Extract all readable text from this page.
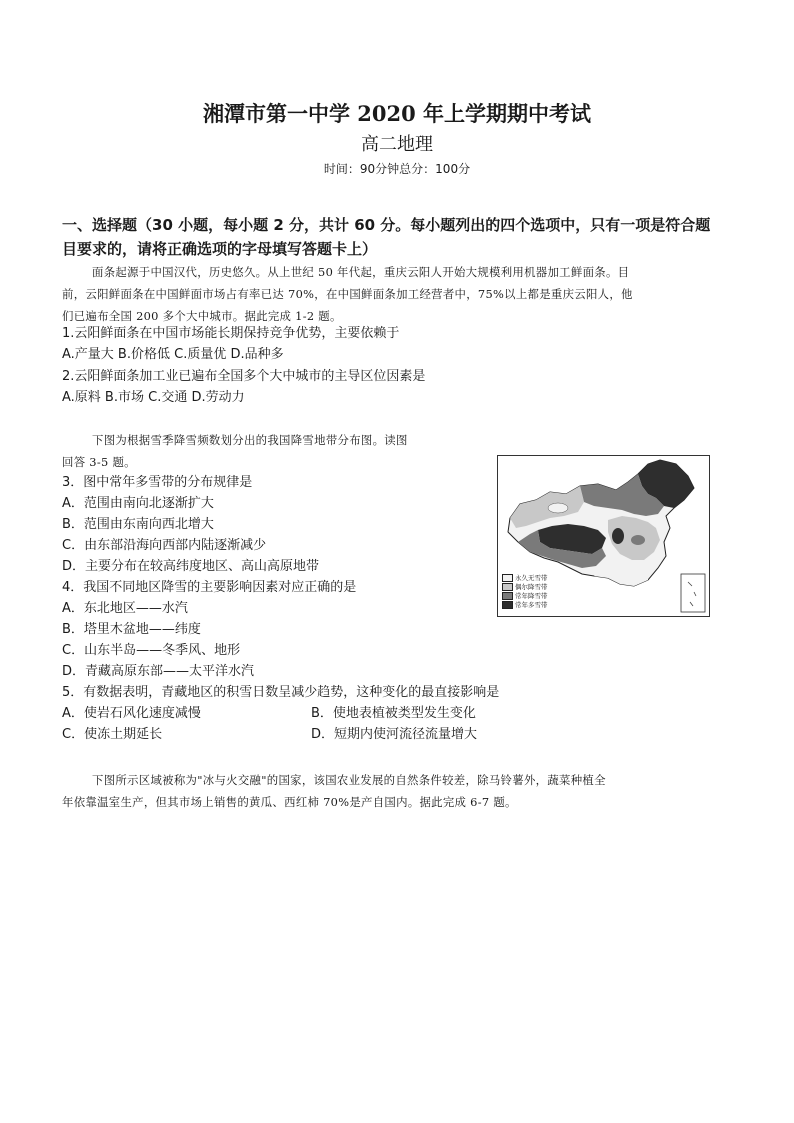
湘潭市第一中学 2020 年上学期期中考试
高二地理
时间：90分钟总分：100分
一、选择题（30 小题，每小题 2 分，共计 60 分。每小题列出的四个选项中，只有一项是符合题
目要求的，请将正确选项的字母填写答题卡上）
面条起源于中国汉代，历史悠久。从上世纪 50 年代起，重庆云阳人开始大规模利用机器加工鲜面条。目
前，云阳鲜面条在中国鲜面市场占有率已达 70%，在中国鲜面条加工经营者中，75%以上都是重庆云阳人，他
们已遍布全国 200 多个大中城市。据此完成 1-2 题。
1.云阳鲜面条在中国市场能长期保持竞争优势，主要依赖于
A.产量大 B.价格低 C.质量优 D.品种多
2.云阳鲜面条加工业已遍布全国多个大中城市的主导区位因素是
A.原料 B.市场 C.交通 D.劳动力
下图为根据雪季降雪频数划分出的我国降雪地带分布图。读图
回答 3-5 题。
3．图中常年多雪带的分布规律是
A．范围由南向北逐渐扩大
B．范围由东南向西北增大
C．由东部沿海向西部内陆逐渐减少
D．主要分布在较高纬度地区、高山高原地带
4．我国不同地区降雪的主要影响因素对应正确的是
A．东北地区——水汽
B．塔里木盆地——纬度
C．山东半岛——冬季风、地形
D．青藏高原东部——太平洋水汽
5．有数据表明，青藏地区的积雪日数呈减少趋势，这种变化的最直接影响是
A．使岩石风化速度减慢	B．使地表植被类型发生变化
C．使冻土期延长	D．短期内使河流径流量增大
下图所示区域被称为"冰与火交融"的国家，该国农业发展的自然条件较差，除马铃薯外，蔬菜种植全
年依靠温室生产，但其市场上销售的黄瓜、西红柿 70%是产自国内。据此完成 6-7 题。
永久无雪带
偶尔降雪带
常年降雪带
常年多雪带
